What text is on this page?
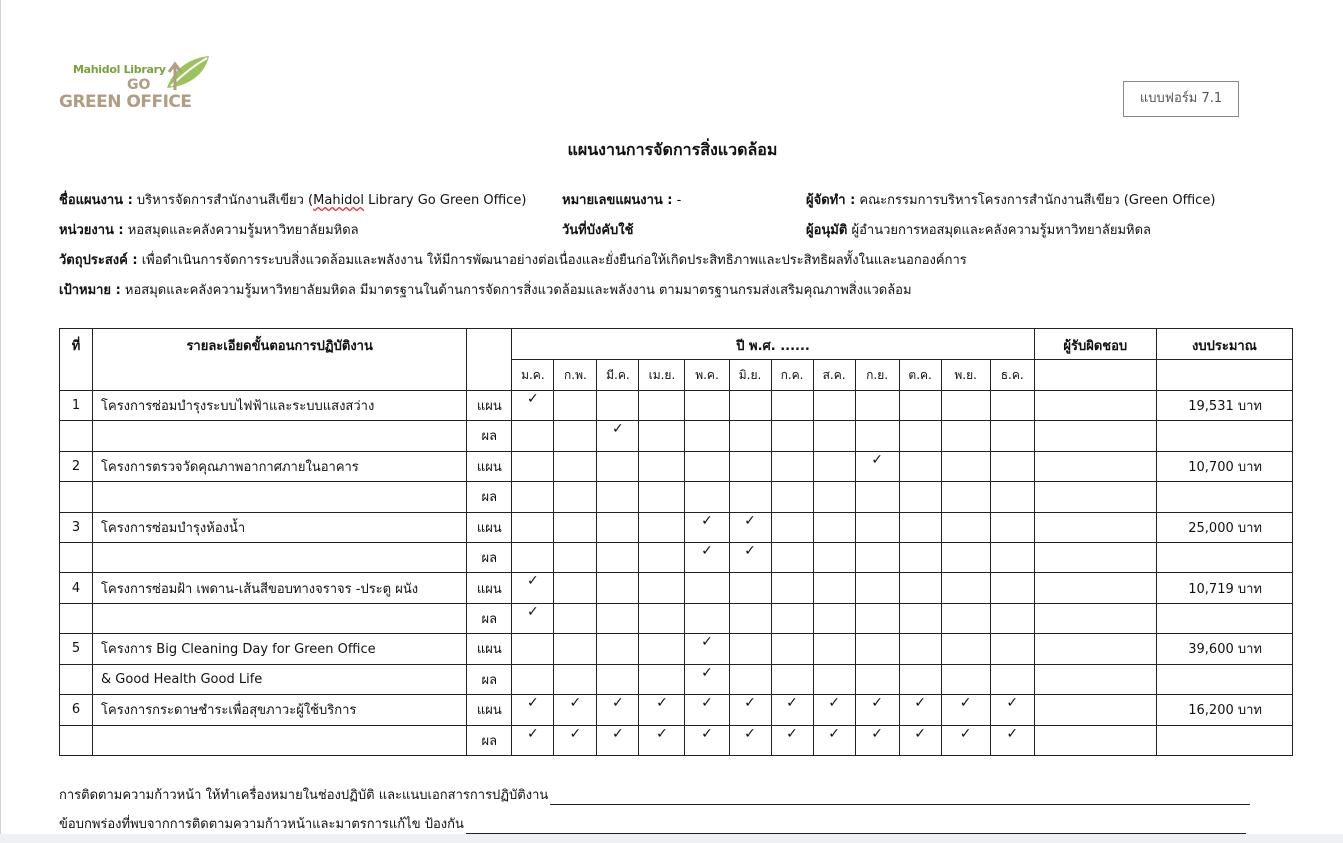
Mahidol Library
GO
GREEN OFFICE	แบบฟอร์ม 7.1
แผนงานการจัดการสิ่งแวดล้อม
ชื่อแผนงาน : บริหารจัดการสำนักงานสีเขียว (Mahidol Library Go Green Office)	หมายเลขแผนงาน : -	ผู้จัดทำ : คณะกรรมการบริหารโครงการสำนักงานสีเขียว (Green Office)
หน่วยงาน : หอสมุดและคลังความรู้มหาวิทยาลัยมหิดล	วันที่บังคับใช้	ผู้อนุมัติ ผู้อำนวยการหอสมุดและคลังความรู้มหาวิทยาลัยมหิดล
วัตถุประสงค์ : เพื่อดำเนินการจัดการระบบสิ่งแวดล้อมและพลังงาน ให้มีการพัฒนาอย่างต่อเนื่องและยั่งยืนก่อให้เกิดประสิทธิภาพและประสิทธิผลทั้งในและนอกองค์การ
เป้าหมาย : หอสมุดและคลังความรู้มหาวิทยาลัยมหิดล มีมาตรฐานในด้านการจัดการสิ่งแวดล้อมและพลังงาน ตามมาตรฐานกรมส่งเสริมคุณภาพสิ่งแวดล้อม
ที่	รายละเอียดขั้นตอนการปฏิบัติงาน		ปี พ.ศ. ......												ผู้รับผิดชอบ	งบประมาณ
			ม.ค.	ก.พ.	มี.ค.	เม.ย.	พ.ค.	มิ.ย.	ก.ค.	ส.ค.	ก.ย.	ต.ค.	พ.ย.	ธ.ค.		
1	โครงการซ่อมบำรุงระบบไฟฟ้าและระบบแสงสว่าง	แผน	✓													19,531 บาท
		ผล			✓											
2	โครงการตรวจวัดคุณภาพอากาศภายในอาคาร	แผน									✓					10,700 บาท
		ผล														
3	โครงการซ่อมบำรุงห้องน้ำ	แผน					✓	✓								25,000 บาท
		ผล					✓	✓								
4	โครงการซ่อมฝ้า เพดาน-เส้นสีขอบทางจราจร -ประตู ผนัง	แผน	✓													10,719 บาท
		ผล	✓													
5	โครงการ Big Cleaning Day for Green Office	แผน					✓									39,600 บาท
	& Good Health Good Life	ผล					✓									
6	โครงการกระดาษชำระเพื่อสุขภาวะผู้ใช้บริการ	แผน	✓	✓	✓	✓	✓	✓	✓	✓	✓	✓	✓	✓		16,200 บาท
		ผล	✓	✓	✓	✓	✓	✓	✓	✓	✓	✓	✓	✓		
การติดตามความก้าวหน้า ให้ทำเครื่องหมายในช่องปฏิบัติ และแนบเอกสารการปฏิบัติงาน
ข้อบกพร่องที่พบจากการติดตามความก้าวหน้าและมาตรการแก้ไข ป้องกัน
